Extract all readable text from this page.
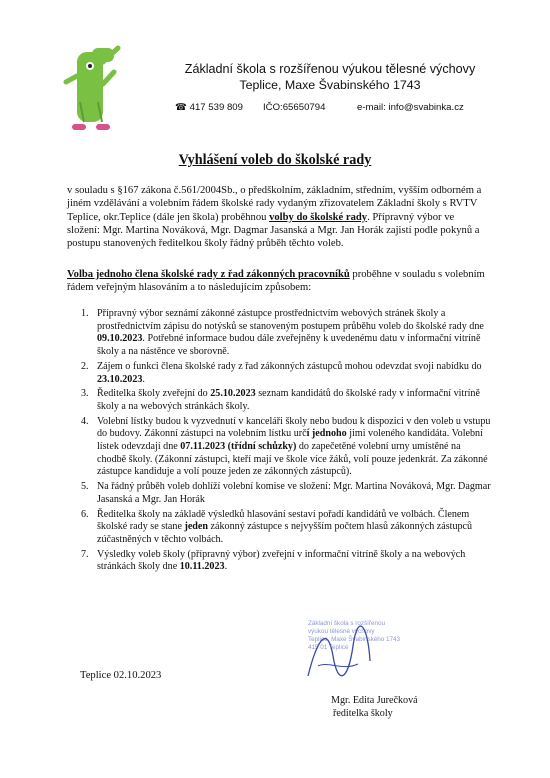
Základní škola s rozšířenou výukou tělesné výchovy
Teplice, Maxe Švabinského 1743
☎ 417 539 809 IČO:65650794	e-mail: info@svabinka.cz
Vyhlášení voleb do školské rady
v souladu s §167 zákona č.561/2004Sb., o předškolním, základním, středním, vyšším odborném a jiném vzdělávání a volebním řádem školské rady vydaným zřizovatelem Základní školy s RVTV Teplice, okr.Teplice (dále jen škola) proběhnou volby do školské rady. Přípravný výbor ve složení: Mgr. Martina Nováková, Mgr. Dagmar Jasanská a Mgr. Jan Horák zajistí podle pokynů a postupu stanovených ředitelkou školy řádný průběh těchto voleb.
Volba jednoho člena školské rady z řad zákonných pracovníků proběhne v souladu s volebním řádem veřejným hlasováním a to následujícím způsobem:
1. Přípravný výbor seznámí zákonné zástupce prostřednictvím webových stránek školy a prostřednictvím zápisu do notýsků se stanoveným postupem průběhu voleb do školské rady dne 09.10.2023. Potřebné informace budou dále zveřejněny k uvedenému datu v informační vitríně školy a na nástěnce ve sborovně.
2. Zájem o funkci člena školské rady z řad zákonných zástupců mohou odevzdat svoji nabídku do 23.10.2023.
3. Ředitelka školy zveřejní do 25.10.2023 seznam kandidátů do školské rady v informační vitríně školy a na webových stránkách školy.
4. Volební lístky budou k vyzvednutí v kanceláři školy nebo budou k dispozici v den voleb u vstupu do budovy. Zákonní zástupci na volebním lístku určí jednoho jimi voleného kandidáta. Volební lístek odevzdají dne 07.11.2023 (třídní schůzky) do zapečetěné volební urny umístěné na chodbě školy. (Zákonní zástupci, kteří mají ve škole více žáků, volí pouze jedenkrát. Za zákonné zástupce kandiduje a volí pouze jeden ze zákonných zástupců).
5. Na řádný průběh voleb dohlíží volební komise ve složení: Mgr. Martina Nováková, Mgr. Dagmar Jasanská a Mgr. Jan Horák
6. Ředitelka školy na základě výsledků hlasování sestaví pořadí kandidátů ve volbách. Členem školské rady se stane jeden zákonný zástupce s nejvyšším počtem hlasů zákonných zástupců zúčastněných v těchto volbách.
7. Výsledky voleb školy (přípravný výbor) zveřejní v informační vitríně školy a na webových stránkách školy dne 10.11.2023.
Teplice 02.10.2023
Základní škola s rozšířenou
výukou tělesné výchovy
Teplice, Maxe Švabinského 1743
415 01 Teplice
Mgr. Edita Jurečková
ředitelka školy
